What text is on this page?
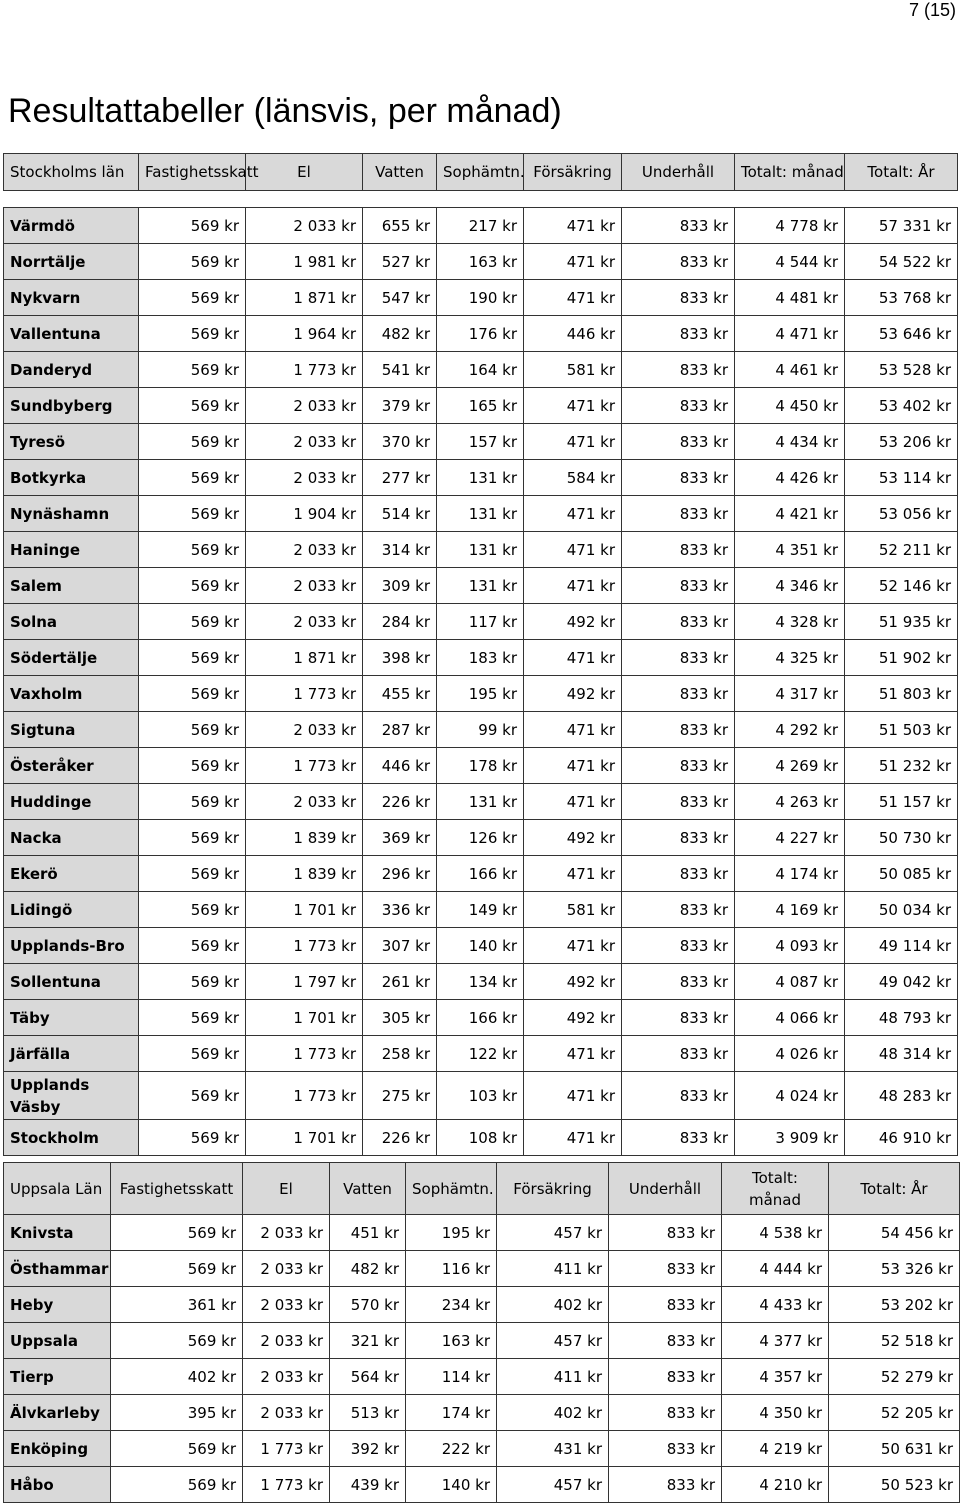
7 (15)
Resultattabeller (länsvis, per månad)
Stockholms län	Fastighetsskatt	El	Vatten	Sophämtn.	Försäkring	Underhåll	Totalt: månad	Totalt: År

Värmdö	569 kr	2 033 kr	655 kr	217 kr	471 kr	833 kr	4 778 kr	57 331 kr
Norrtälje	569 kr	1 981 kr	527 kr	163 kr	471 kr	833 kr	4 544 kr	54 522 kr
Nykvarn	569 kr	1 871 kr	547 kr	190 kr	471 kr	833 kr	4 481 kr	53 768 kr
Vallentuna	569 kr	1 964 kr	482 kr	176 kr	446 kr	833 kr	4 471 kr	53 646 kr
Danderyd	569 kr	1 773 kr	541 kr	164 kr	581 kr	833 kr	4 461 kr	53 528 kr
Sundbyberg	569 kr	2 033 kr	379 kr	165 kr	471 kr	833 kr	4 450 kr	53 402 kr
Tyresö	569 kr	2 033 kr	370 kr	157 kr	471 kr	833 kr	4 434 kr	53 206 kr
Botkyrka	569 kr	2 033 kr	277 kr	131 kr	584 kr	833 kr	4 426 kr	53 114 kr
Nynäshamn	569 kr	1 904 kr	514 kr	131 kr	471 kr	833 kr	4 421 kr	53 056 kr
Haninge	569 kr	2 033 kr	314 kr	131 kr	471 kr	833 kr	4 351 kr	52 211 kr
Salem	569 kr	2 033 kr	309 kr	131 kr	471 kr	833 kr	4 346 kr	52 146 kr
Solna	569 kr	2 033 kr	284 kr	117 kr	492 kr	833 kr	4 328 kr	51 935 kr
Södertälje	569 kr	1 871 kr	398 kr	183 kr	471 kr	833 kr	4 325 kr	51 902 kr
Vaxholm	569 kr	1 773 kr	455 kr	195 kr	492 kr	833 kr	4 317 kr	51 803 kr
Sigtuna	569 kr	2 033 kr	287 kr	99 kr	471 kr	833 kr	4 292 kr	51 503 kr
Österåker	569 kr	1 773 kr	446 kr	178 kr	471 kr	833 kr	4 269 kr	51 232 kr
Huddinge	569 kr	2 033 kr	226 kr	131 kr	471 kr	833 kr	4 263 kr	51 157 kr
Nacka	569 kr	1 839 kr	369 kr	126 kr	492 kr	833 kr	4 227 kr	50 730 kr
Ekerö	569 kr	1 839 kr	296 kr	166 kr	471 kr	833 kr	4 174 kr	50 085 kr
Lidingö	569 kr	1 701 kr	336 kr	149 kr	581 kr	833 kr	4 169 kr	50 034 kr
Upplands-Bro	569 kr	1 773 kr	307 kr	140 kr	471 kr	833 kr	4 093 kr	49 114 kr
Sollentuna	569 kr	1 797 kr	261 kr	134 kr	492 kr	833 kr	4 087 kr	49 042 kr
Täby	569 kr	1 701 kr	305 kr	166 kr	492 kr	833 kr	4 066 kr	48 793 kr
Järfälla	569 kr	1 773 kr	258 kr	122 kr	471 kr	833 kr	4 026 kr	48 314 kr
Upplands Väsby	569 kr	1 773 kr	275 kr	103 kr	471 kr	833 kr	4 024 kr	48 283 kr
Stockholm	569 kr	1 701 kr	226 kr	108 kr	471 kr	833 kr	3 909 kr	46 910 kr
Uppsala Län	Fastighetsskatt	El	Vatten	Sophämtn.	Försäkring	Underhåll	Totalt: månad	Totalt: År
Knivsta	569 kr	2 033 kr	451 kr	195 kr	457 kr	833 kr	4 538 kr	54 456 kr
Östhammar	569 kr	2 033 kr	482 kr	116 kr	411 kr	833 kr	4 444 kr	53 326 kr
Heby	361 kr	2 033 kr	570 kr	234 kr	402 kr	833 kr	4 433 kr	53 202 kr
Uppsala	569 kr	2 033 kr	321 kr	163 kr	457 kr	833 kr	4 377 kr	52 518 kr
Tierp	402 kr	2 033 kr	564 kr	114 kr	411 kr	833 kr	4 357 kr	52 279 kr
Älvkarleby	395 kr	2 033 kr	513 kr	174 kr	402 kr	833 kr	4 350 kr	52 205 kr
Enköping	569 kr	1 773 kr	392 kr	222 kr	431 kr	833 kr	4 219 kr	50 631 kr
Håbo	569 kr	1 773 kr	439 kr	140 kr	457 kr	833 kr	4 210 kr	50 523 kr
